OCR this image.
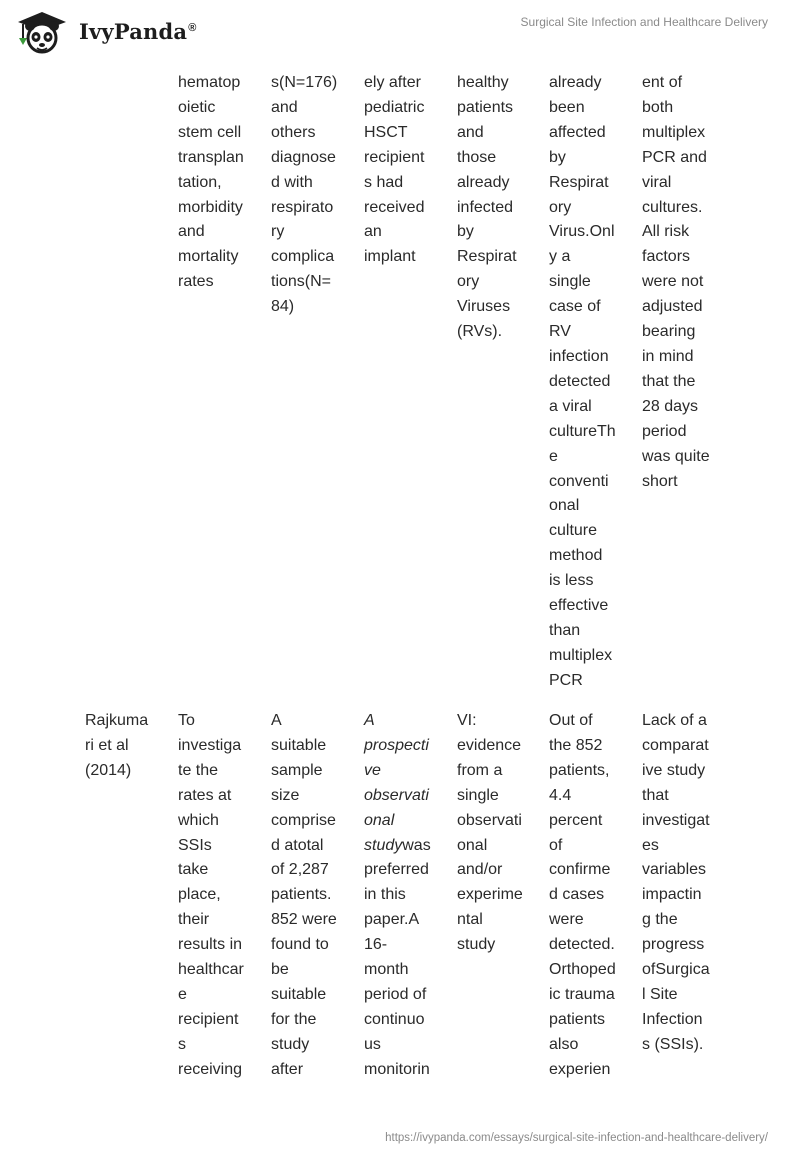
IvyPanda®	Surgical Site Infection and Healthcare Delivery
hematop
oietic
stem cell
transplan
tation,
morbidity
and
mortality
rates
s(N=176)
and
others
diagnose
d with
respirato
ry
complica
tions(N=
84)
ely after
pediatric
HSCT
recipient
s had
received
an
implant
healthy
patients
and
those
already
infected
by
Respirat
ory
Viruses
(RVs).
already
been
affected
by
Respirat
ory
Virus.Onl
y a
single
case of
RV
infection
detected
a viral
cultureTh
e
conventi
onal
culture
method
is less
effective
than
multiplex
PCR
ent of
both
multiplex
PCR and
viral
cultures.
All risk
factors
were not
adjusted
bearing
in mind
that the
28 days
period
was quite
short
Rajkuma
ri et al
(2014)
To
investiga
te the
rates at
which
SSIs
take
place,
their
results in
healthcar
e
recipient
s
receiving
A
suitable
sample
size
comprise
d atotal
of 2,287
patients.
852 were
found to
be
suitable
for the
study
after
A
prospecti
ve
observati
onal
studywas
preferred
in this
paper.A
16-
month
period of
continuo
us
monitorin
VI:
evidence
from a
single
observati
onal
and/or
experime
ntal
study
Out of
the 852
patients,
4.4
percent
of
confirme
d cases
were
detected.
Orthoped
ic trauma
patients
also
experien
Lack of a
comparat
ive study
that
investigat
es
variables
impactin
g the
progress
ofSurgica
l Site
Infection
s (SSIs).
https://ivypanda.com/essays/surgical-site-infection-and-healthcare-delivery/
